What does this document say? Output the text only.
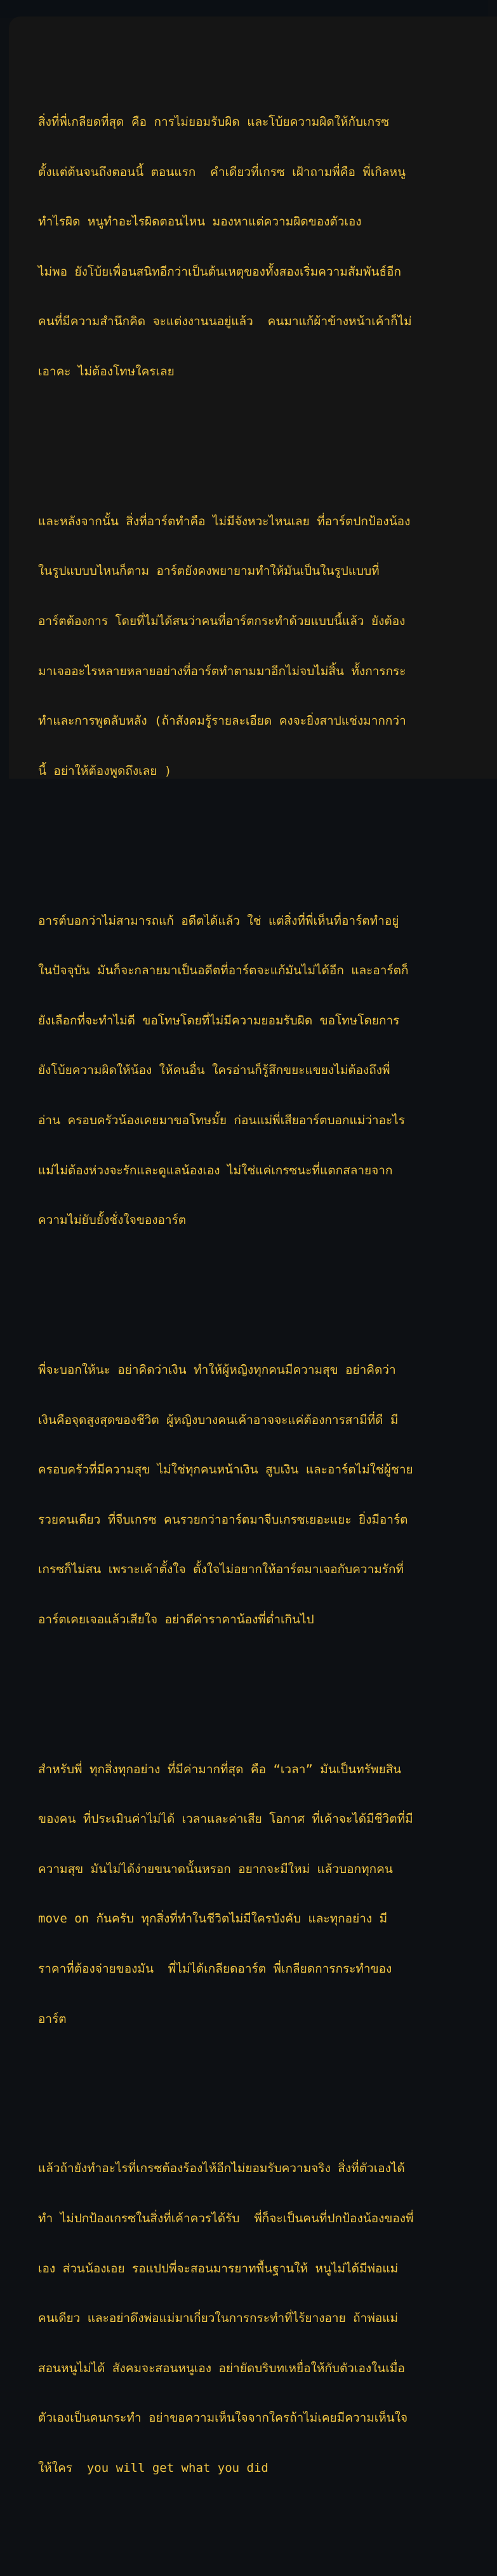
สิ่งที่พี่เกลียดที่สุด คือ การไม่ยอมรับผิด และโบ้ยความผิดให้กับเกรซ

ตั้งแต่ต้นจนถึงตอนนี้ ตอนแรก  คำเดียวที่เกรซ เฝ้าถามพี่คือ พี่เกิลหนู

ทำไรผิด หนูทำอะไรผิดตอนไหน มองหาแต่ความผิดของตัวเอง

ไม่พอ ยังโบ้ยเพื่อนสนิทอีกว่าเป็นต้นเหตุของทั้งสองเริ่มความสัมพันธ์อีก

คนที่มีความสำนึกคิด จะแต่งงานนอยู่แล้ว  คนมาแก้ผ้าข้างหน้าเค้าก็ไม่

เอาคะ ไม่ต้องโทษใครเลย

และหลังจากนั้น สิ่งที่อาร์ตทำคือ ไม่มีจังหวะไหนเลย ที่อาร์ตปกป้องน้อง

ในรูปแบบบไหนก็ตาม อาร์ตยังคงพยายามทำให้มันเป็นในรูปแบบที่

อาร์ตต้องการ โดยที่ไม่ได้สนว่าคนที่อาร์ตกระทำด้วยแบบนี้แล้ว ยังต้อง

มาเจออะไรหลายหลายอย่างที่อาร์ตทำตามมาอีกไม่จบไม่สิ้น ทั้งการกระ

ทำและการพูดลับหลัง (ถ้าสังคมรู้รายละเอียด คงจะยิ่งสาปแช่งมากกว่า

นี้ อย่าให้ต้องพูดถึงเลย )

อารต์บอกว่าไม่สามารถแก้ อดีตได้แล้ว ใช่ แต่สิ่งที่พี่เห็นที่อาร์ตทำอยู่

ในปัจจุบัน มันก็จะกลายมาเป็นอดีตที่อาร์ตจะแก้มันไม่ได้อีก และอาร์ตก็

ยังเลือกที่จะทำไม่ดี ขอโทษโดยที่ไม่มีความยอมรับผิด ขอโทษโดยการ

ยังโบ้ยความผิดให้น้อง ให้คนอื่น ใครอ่านก็รู้สึกขยะแขยงไม่ต้องถึงพี่

อ่าน ครอบครัวน้องเคยมาขอโทษมั้ย ก่อนแม่พี่เสียอาร์ตบอกแม่ว่าอะไร

แม่ไม่ต้องห่วงจะรักและดูแลน้องเอง ไม่ใช่แค่เกรซนะที่แตกสลายจาก

ความไม่ยับยั้งชั่งใจของอาร์ต

พี่จะบอกให้นะ อย่าคิดว่าเงิน ทำให้ผู้หญิงทุกคนมีความสุข อย่าคิดว่า

เงินคือจุดสูงสุดของชีวิต ผู้หญิงบางคนเค้าอาจจะแค่ต้องการสามีที่ดี มี

ครอบครัวที่มีความสุข ไม่ใช่ทุกคนหน้าเงิน สูบเงิน และอาร์ตไม่ใช่ผู้ชาย

รวยคนเดียว ที่จีบเกรซ คนรวยกว่าอาร์ตมาจีบเกรซเยอะแยะ ยิ่งมีอาร์ต

เกรซก็ไม่สน เพราะเค้าตั้งใจ ตั้งใจไม่อยากให้อาร์ตมาเจอกับความรักที่

อาร์ตเคยเจอแล้วเสียใจ อย่าตีค่าราคาน้องพี่ต่ำเกินไป

สำหรับพี่ ทุกสิ่งทุกอย่าง ที่มีค่ามากที่สุด คือ “เวลา” มันเป็นทรัพยสิน

ของคน ที่ประเมินค่าไม่ได้ เวลาและค่าเสีย โอกาศ ที่เค้าจะได้มีชีวิตที่มี

ความสุข มันไม่ได้ง่ายขนาดนั้นหรอก อยากจะมีใหม่ แล้วบอกทุกคน

move on กันครับ ทุกสิ่งที่ทำในชีวิตไม่มีใครบังคับ และทุกอย่าง มี

ราคาที่ต้องจ่ายของมัน  พี่ไม่ได้เกลียดอาร์ต พี่เกลียดการกระทำของ

อาร์ต

แล้วถ้ายังทำอะไรที่เกรซต้องร้องไห้อีกไม่ยอมรับความจริง สิ่งที่ตัวเองได้

ทำ ไม่ปกป้องเกรซในสิ่งที่เค้าควรได้รับ  พี่ก็จะเป็นคนที่ปกป้องน้องของพี่

เอง ส่วนน้องเอย รอแปปพี่จะสอนมารยาทพื้นฐานให้ หนูไม่ได้มีพ่อแม่

คนเดียว และอย่าดึงพ่อแม่มาเกี่ยวในการกระทำที่ไร้ยางอาย ถ้าพ่อแม่

สอนหนูไม่ได้ สังคมจะสอนหนูเอง อย่ายัดบริบทเหยื่อให้กับตัวเองในเมื่อ

ตัวเองเป็นคนกระทำ อย่าขอความเห็นใจจากใครถ้าไม่เคยมีความเห็นใจ

ให้ใคร  you will get what you did
